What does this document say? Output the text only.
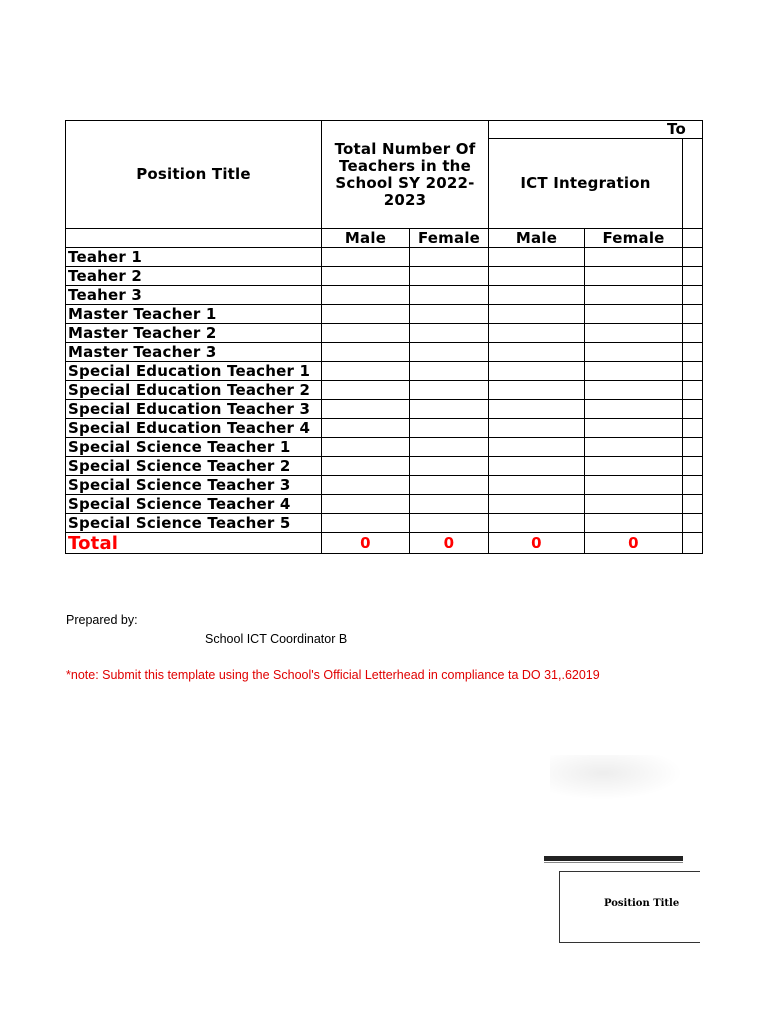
Position Title	Total Number Of Teachers in the School SY 2022-2023		To		
			ICT Integration		
	Male	Female	Male	Female	
Teaher 1					
Teaher 2					
Teaher 3					
Master Teacher 1					
Master Teacher 2					
Master Teacher 3					
Special Education Teacher 1					
Special Education Teacher 2					
Special Education Teacher 3					
Special Education Teacher 4					
Special Science Teacher 1					
Special Science Teacher 2					
Special Science Teacher 3					
Special Science Teacher 4					
Special Science Teacher 5					
Total	0	0	0	0	
Prepared by:
School ICT Coordinator B
*note: Submit this template using the School's Official Letterhead in compliance ta DO 31,.62019
Position Title
